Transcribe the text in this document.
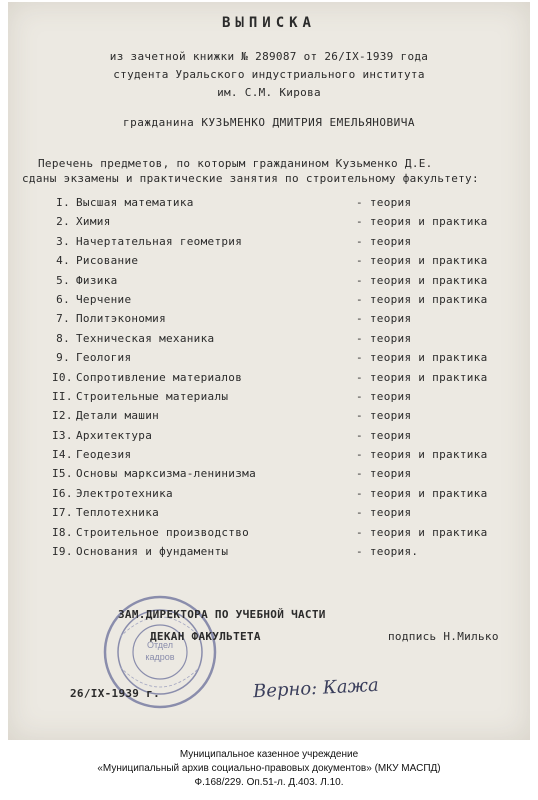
ВЫПИСКА
из зачетной книжки № 289087 от 26/IX-1939 года
студента Уральского индустриального института
им. С.М. Кирова
гражданина КУЗЬМЕНКО ДМИТРИЯ ЕМЕЛЬЯНОВИЧА
Перечень предметов, по которым гражданином Кузьменко Д.Е.
сданы экзамены и практические занятия по строительному факультету:
I. Высшая математика	- теория
2. Химия	- теория и практика
3. Начертательная геометрия	- теория
4. Рисование	- теория и практика
5. Физика	- теория и практика
6. Черчение	- теория и практика
7. Политэкономия	- теория
8. Техническая механика	- теория
9. Геология	- теория и практика
I0. Сопротивление материалов	- теория и практика
II. Строительные материалы	- теория
I2. Детали машин	- теория
I3. Архитектура	- теория
I4. Геодезия	- теория и практика
I5. Основы марксизма-ленинизма	- теория
I6. Электротехника	- теория и практика
I7. Теплотехника	- теория
I8. Строительное производство	- теория и практика
I9. Основания и фундаменты	- теория.
Отдел
кадров
ЗАМ.ДИРЕКТОРА ПО УЧЕБНОЙ ЧАСТИ
ДЕКАН ФАКУЛЬТЕТА	подпись Н.Милько
26/IX-1939 г.	Верно: Кажа
Муниципальное казенное учреждение
«Муниципальный архив социально-правовых документов» (МКУ МАСПД)
Ф.168/229. Оп.51-л. Д.403. Л.10.
